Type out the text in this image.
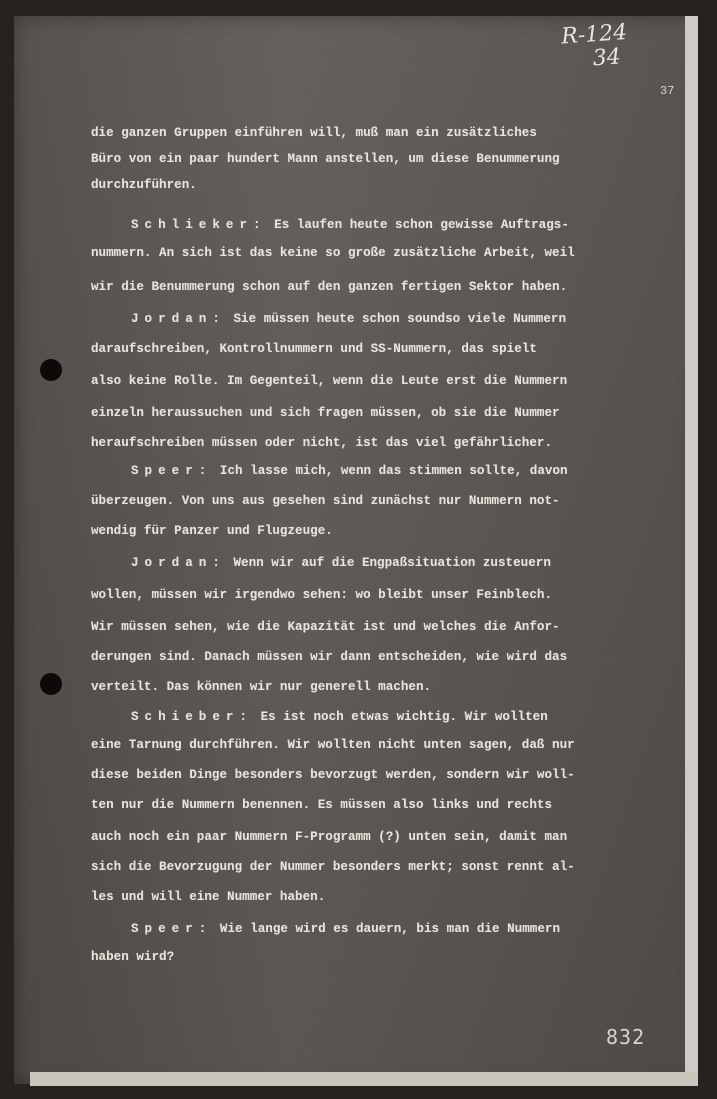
R-124
34
37
die ganzen Gruppen einführen will, muß man ein zusätzliches
Büro von ein paar hundert Mann anstellen, um diese Benummerung
durchzuführen.
Schlieker: Es laufen heute schon gewisse Auftrags-
nummern. An sich ist das keine so große zusätzliche Arbeit, weil
wir die Benummerung schon auf den ganzen fertigen Sektor haben.
Jordan: Sie müssen heute schon soundso viele Nummern
daraufschreiben, Kontrollnummern und SS-Nummern, das spielt
also keine Rolle. Im Gegenteil, wenn die Leute erst die Nummern
einzeln heraussuchen und sich fragen müssen, ob sie die Nummer
heraufschreiben müssen oder nicht, ist das viel gefährlicher.
Speer: Ich lasse mich, wenn das stimmen sollte, davon
überzeugen. Von uns aus gesehen sind zunächst nur Nummern not-
wendig für Panzer und Flugzeuge.
Jordan: Wenn wir auf die Engpaßsituation zusteuern
wollen, müssen wir irgendwo sehen: wo bleibt unser Feinblech.
Wir müssen sehen, wie die Kapazität ist und welches die Anfor-
derungen sind. Danach müssen wir dann entscheiden, wie wird das
verteilt. Das können wir nur generell machen.
Schieber: Es ist noch etwas wichtig. Wir wollten
eine Tarnung durchführen. Wir wollten nicht unten sagen, daß nur
diese beiden Dinge besonders bevorzugt werden, sondern wir woll-
ten nur die Nummern benennen. Es müssen also links und rechts
auch noch ein paar Nummern F-Programm (?) unten sein, damit man
sich die Bevorzugung der Nummer besonders merkt; sonst rennt al-
les und will eine Nummer haben.
Speer: Wie lange wird es dauern, bis man die Nummern
haben wird?
832
